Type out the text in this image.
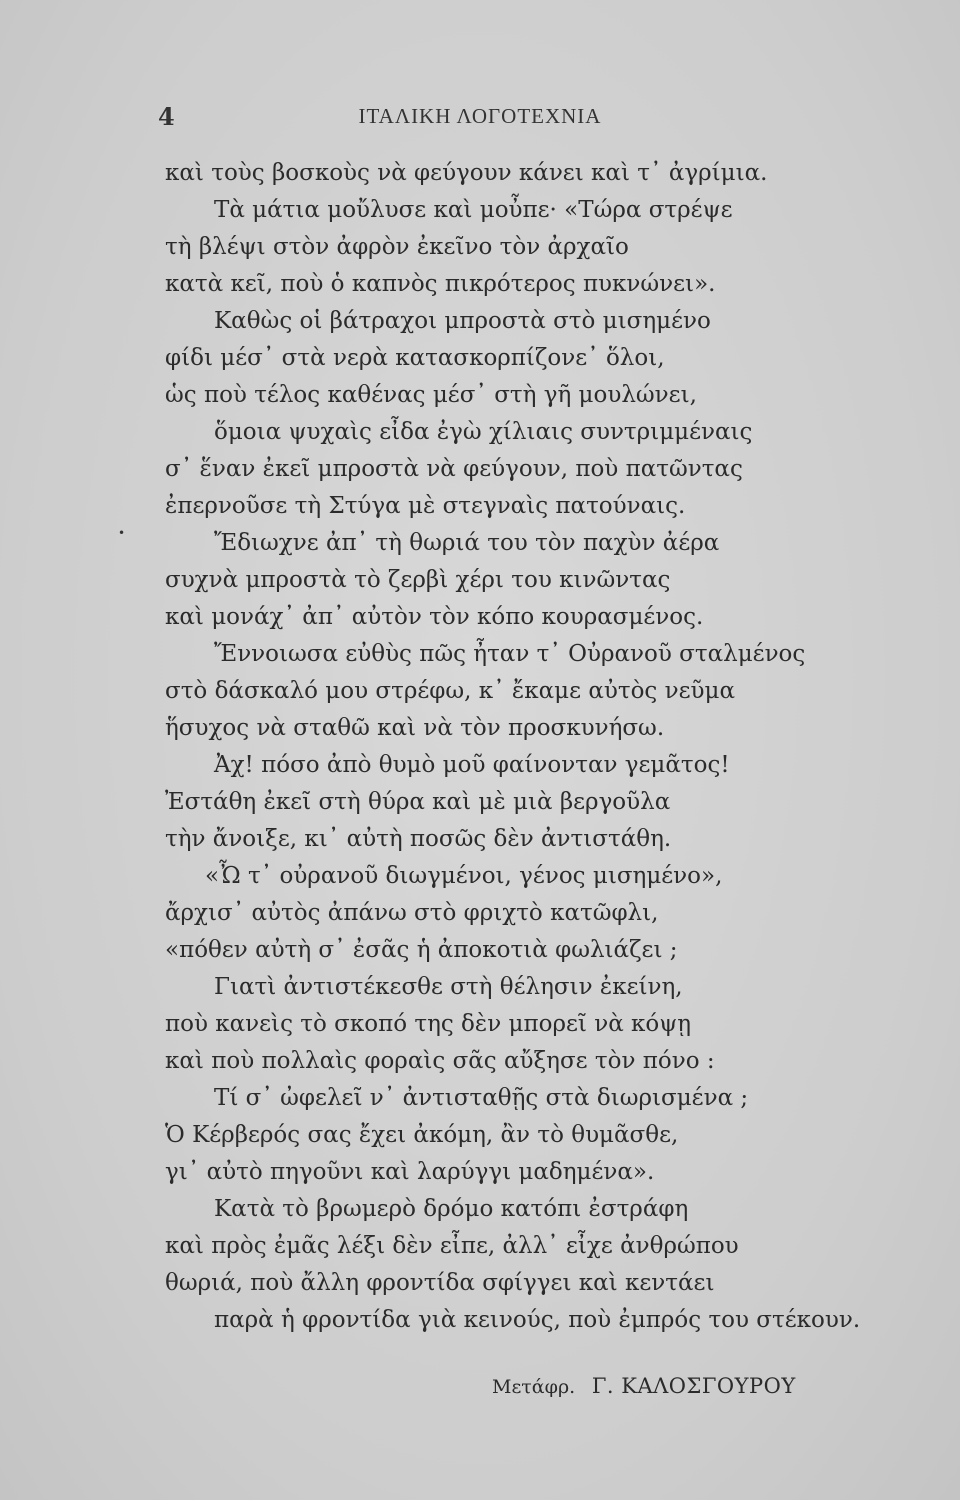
4	ΙΤΑΛΙΚΗ ΛΟΓΟΤΕΧΝΙΑ
•
καὶ τοὺς βοσκοὺς νὰ φεύγουν κάνει καὶ τ᾽ ἀγρίμια.
Τὰ μάτια μοὔλυσε καὶ μοὖπε· «Τώρα στρέψε
τὴ βλέψι στὸν ἀφρὸν ἐκεῖνο τὸν ἀρχαῖο
κατὰ κεῖ, ποὺ ὁ καπνὸς πικρότερος πυκνώνει».
Καθὼς οἱ βάτραχοι μπροστὰ στὸ μισημένο
φίδι μέσ᾽ στὰ νερὰ κατασκορπίζονε᾽ ὅλοι,
ὡς ποὺ τέλος καθένας μέσ᾽ στὴ γῆ μουλώνει,
ὅμοια ψυχαὶς εἶδα ἐγὼ χίλιαις συντριμμέναις
σ᾽ ἕναν ἐκεῖ μπροστὰ νὰ φεύγουν, ποὺ πατῶντας
ἐπερνοῦσε τὴ Στύγα μὲ στεγναὶς πατούναις.
Ἔδιωχνε ἀπ᾽ τὴ θωριά του τὸν παχὺν ἀέρα
συχνὰ μπροστὰ τὸ ζερβὶ χέρι του κινῶντας
καὶ μονάχ᾽ ἀπ᾽ αὐτὸν τὸν κόπο κουρασμένος.
Ἔννοιωσα εὐθὺς πῶς ἦταν τ᾽ Οὐρανοῦ σταλμένος
στὸ δάσκαλό μου στρέφω, κ᾽ ἔκαμε αὐτὸς νεῦμα
ἥσυχος νὰ σταθῶ καὶ νὰ τὸν προσκυνήσω.
Ἀχ! πόσο ἀπὸ θυμὸ μοῦ φαίνονταν γεμᾶτος!
Ἐστάθη ἐκεῖ στὴ θύρα καὶ μὲ μιὰ βεργοῦλα
τὴν ἄνοιξε, κι᾽ αὐτὴ ποσῶς δὲν ἀντιστάθη.
«Ὦ τ᾽ οὐρανοῦ διωγμένοι, γένος μισημένο»,
ἄρχισ᾽ αὐτὸς ἀπάνω στὸ φριχτὸ κατῶφλι,
«πόθεν αὐτὴ σ᾽ ἐσᾶς ἡ ἀποκοτιὰ φωλιάζει ;
Γιατὶ ἀντιστέκεσθε στὴ θέλησιν ἐκείνη,
ποὺ κανεὶς τὸ σκοπό της δὲν μπορεῖ νὰ κόψῃ
καὶ ποὺ πολλαὶς φοραὶς σᾶς αὔξησε τὸν πόνο :
Τί σ᾽ ὠφελεῖ ν᾽ ἀντισταθῇς στὰ διωρισμένα ;
Ὁ Κέρβερός σας ἔχει ἀκόμη, ἂν τὸ θυμᾶσθε,
γι᾽ αὐτὸ πηγοῦνι καὶ λαρύγγι μαδημένα».
Κατὰ τὸ βρωμερὸ δρόμο κατόπι ἐστράφη
καὶ πρὸς ἐμᾶς λέξι δὲν εἶπε, ἀλλ᾽ εἶχε ἀνθρώπου
θωριά, ποὺ ἄλλη φροντίδα σφίγγει καὶ κεντάει
παρὰ ἡ φροντίδα γιὰ κεινούς, ποὺ ἐμπρός του στέκουν.
Μετάφρ. Γ. ΚΑΛΟΣΓΟΥΡΟΥ
